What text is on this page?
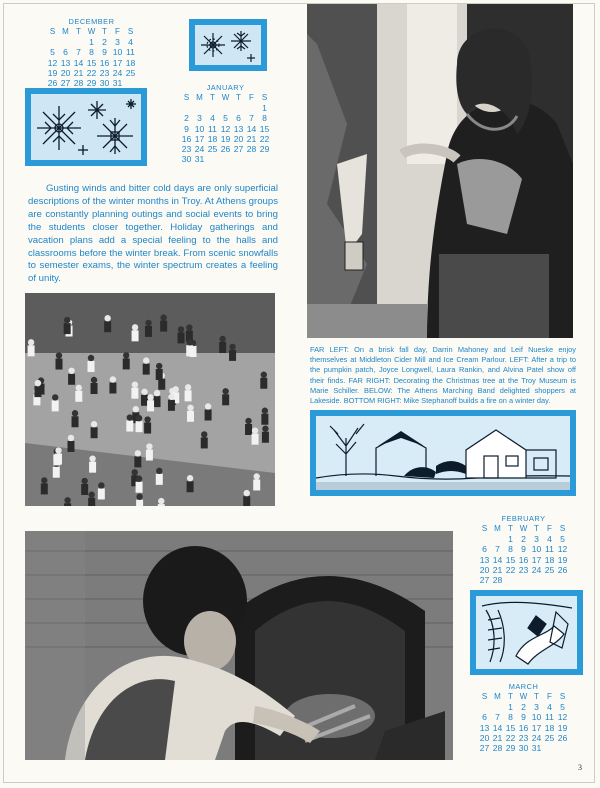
DECEMBER
S	M	T	W	T	F	S
			1	2	3	4
5	6	7	8	9	10	11
12	13	14	15	16	17	18
19	20	21	22	23	24	25
26	27	28	29	30	31		JANUARY
S	M	T	W	T	F	S
						1
2	3	4	5	6	7	8
9	10	11	12	13	14	15
16	17	18	19	20	21	22
23	24	25	26	27	28	29
30	31					
FEBRUARY
S	M	T	W	T	F	S
		1	2	3	4	5
6	7	8	9	10	11	12
13	14	15	16	17	18	19
20	21	22	23	24	25	26
27	28					
MARCH
S	M	T	W	T	F	S
		1	2	3	4	5
6	7	8	9	10	11	12
13	14	15	16	17	18	19
20	21	22	23	24	25	26
27	28	29	30	31		
Gusting winds and bitter cold days are only superficial descriptions of the winter months in Troy. At Athens groups are constantly planning outings and social events to bring the students closer together. Holiday gatherings and vacation plans add a special feeling to the halls and classrooms before the winter break. From scenic snowfalls to semester exams, the winter spectrum creates a feeling of unity.
FAR LEFT: On a brisk fall day, Darrin Mahoney and Leif Nueske enjoy themselves at Middleton Cider Mill and Ice Cream Parlour. LEFT: After a trip to the pumpkin patch, Joyce Longwell, Laura Rankin, and Alvina Patel show off their finds. FAR RIGHT: Decorating the Christmas tree at the Troy Museum is Marie Schiller. BELOW: The Athens Marching Band delighted shoppers at Lakeside. BOTTOM RIGHT: Mike Stephanoff builds a fire on a winter day.
3
